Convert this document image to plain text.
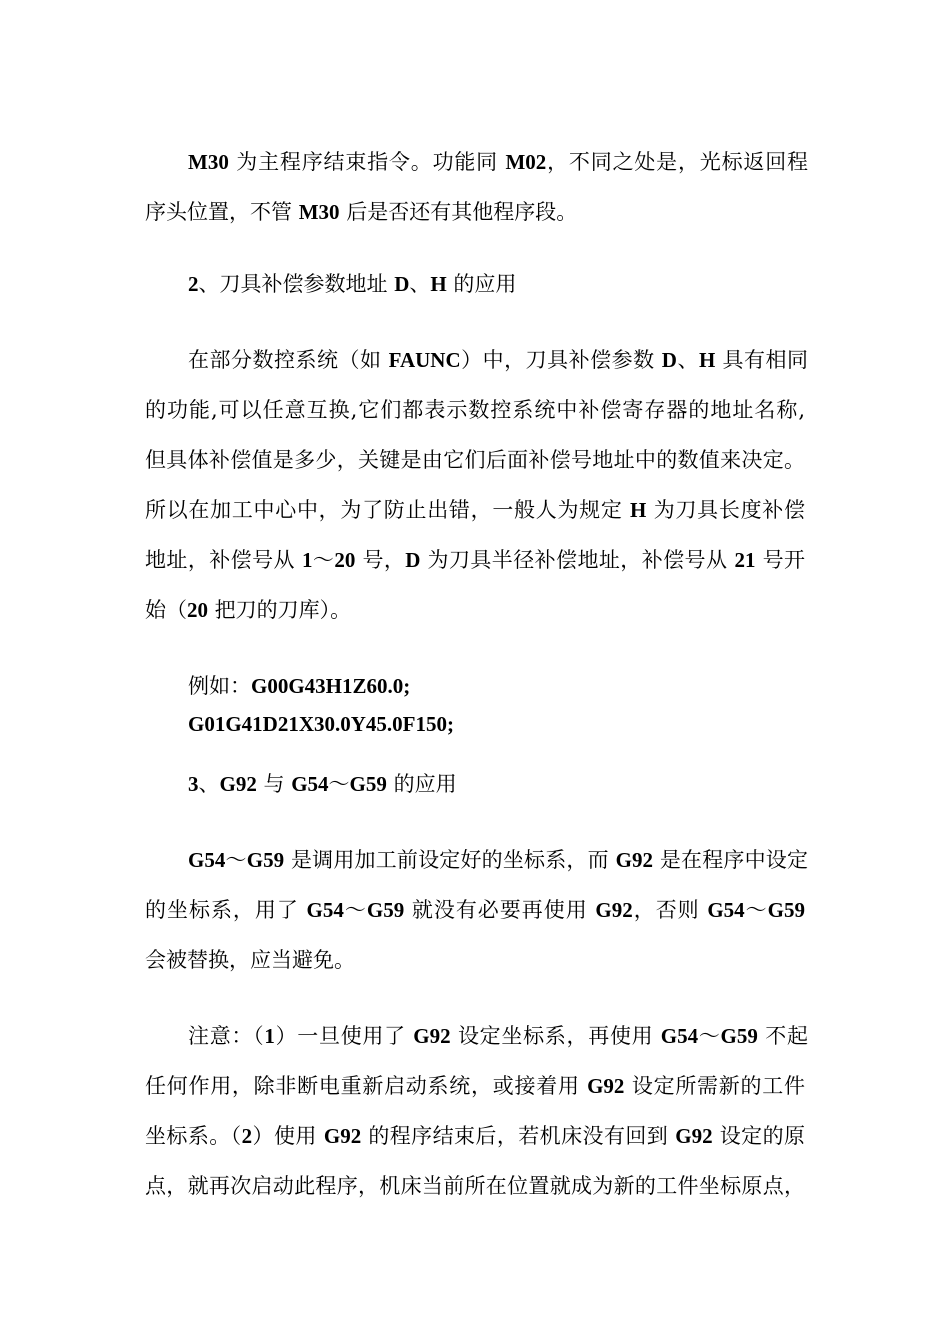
M30 为主程序结束指令。功能同 M02，不同之处是，光标返回程
序头位置，不管 M30 后是否还有其他程序段。
2、刀具补偿参数地址 D、H 的应用
在部分数控系统（如 FAUNC）中，刀具补偿参数 D、H 具有相同
的功能,可以任意互换,它们都表示数控系统中补偿寄存器的地址名称,
但具体补偿值是多少，关键是由它们后面补偿号地址中的数值来决定。
所以在加工中心中，为了防止出错，一般人为规定 H 为刀具长度补偿
地址，补偿号从 1～20 号，D 为刀具半径补偿地址，补偿号从 21 号开
始（20 把刀的刀库）。
例如：G00G43H1Z60.0;
G01G41D21X30.0Y45.0F150;
3、G92 与 G54～G59 的应用
G54～G59 是调用加工前设定好的坐标系，而 G92 是在程序中设定
的坐标系，用了 G54～G59 就没有必要再使用 G92，否则 G54～G59
会被替换，应当避免。
注意：（1）一旦使用了 G92 设定坐标系，再使用 G54～G59 不起
任何作用，除非断电重新启动系统，或接着用 G92 设定所需新的工件
坐标系。（2）使用 G92 的程序结束后，若机床没有回到 G92 设定的原
点，就再次启动此程序，机床当前所在位置就成为新的工件坐标原点，
